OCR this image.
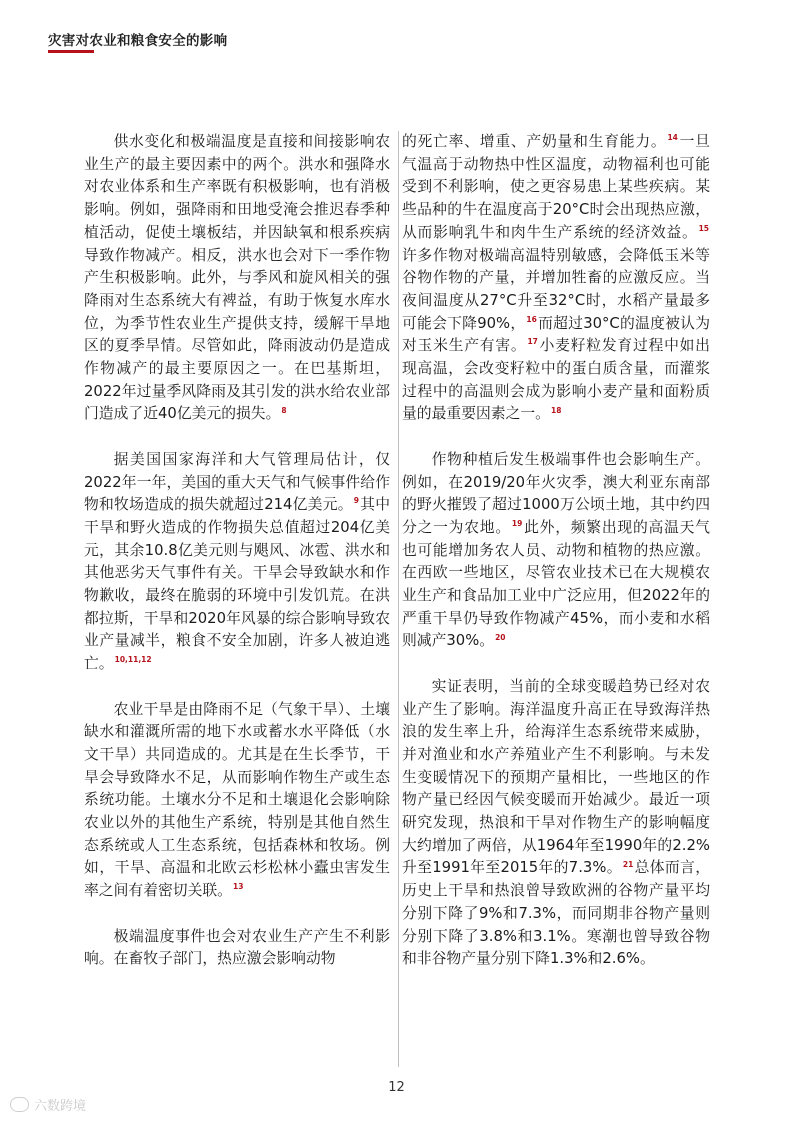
灾害对农业和粮食安全的影响

供水变化和极端温度是直接和间接影响农业生产的最主要因素中的两个。洪水和强降水对农业体系和生产率既有积极影响，也有消极影响。例如，强降雨和田地受淹会推迟春季种植活动，促使土壤板结，并因缺氧和根系疾病导致作物减产。相反，洪水也会对下一季作物产生积极影响。此外，与季风和旋风相关的强降雨对生态系统大有裨益，有助于恢复水库水位，为季节性农业生产提供支持，缓解干旱地区的夏季旱情。尽管如此，降雨波动仍是造成作物减产的最主要原因之一。在巴基斯坦，2022年过量季风降雨及其引发的洪水给农业部门造成了近40亿美元的损失。$^8$

据美国国家海洋和大气管理局估计，仅2022年一年，美国的重大天气和气候事件给作物和牧场造成的损失就超过214亿美元。$^9$其中干旱和野火造成的作物损失总值超过204亿美元，其余10.8亿美元则与飓风、冰雹、洪水和其他恶劣天气事件有关。干旱会导致缺水和作物歉收，最终在脆弱的环境中引发饥荒。在洪都拉斯，干旱和2020年风暴的综合影响导致农业产量减半，粮食不安全加剧，许多人被迫逃亡。$^{10,11,12}$

农业干旱是由降雨不足（气象干旱）、土壤缺水和灌溉所需的地下水或蓄水水平降低（水文干旱）共同造成的。尤其是在生长季节，干旱会导致降水不足，从而影响作物生产或生态系统功能。土壤水分不足和土壤退化会影响除农业以外的其他生产系统，特别是其他自然生态系统或人工生态系统，包括森林和牧场。例如，干旱、高温和北欧云杉松林小蠹虫害发生率之间有着密切关联。$^{13}$

极端温度事件也会对农业生产产生不利影响。在畜牧子部门，热应激会影响动物

的死亡率、增重、产奶量和生育能力。$^{14}$一旦气温高于动物热中性区温度，动物福利也可能受到不利影响，使之更容易患上某些疾病。某些品种的牛在温度高于20°C时会出现热应激，从而影响乳牛和肉牛生产系统的经济效益。$^{15}$许多作物对极端高温特别敏感，会降低玉米等谷物作物的产量，并增加牲畜的应激反应。当夜间温度从27°C升至32°C时，水稻产量最多可能会下降90%，$^{16}$而超过30°C的温度被认为对玉米生产有害。$^{17}$小麦籽粒发育过程中如出现高温，会改变籽粒中的蛋白质含量，而灌浆过程中的高温则会成为影响小麦产量和面粉质量的最重要因素之一。$^{18}$

作物种植后发生极端事件也会影响生产。例如，在2019/20年火灾季，澳大利亚东南部的野火摧毁了超过1000万公顷土地，其中约四分之一为农地。$^{19}$此外，频繁出现的高温天气也可能增加务农人员、动物和植物的热应激。在西欧一些地区，尽管农业技术已在大规模农业生产和食品加工业中广泛应用，但2022年的严重干旱仍导致作物减产45%，而小麦和水稻则减产30%。$^{20}$

实证表明，当前的全球变暖趋势已经对农业产生了影响。海洋温度升高正在导致海洋热浪的发生率上升，给海洋生态系统带来威胁，并对渔业和水产养殖业产生不利影响。与未发生变暖情况下的预期产量相比，一些地区的作物产量已经因气候变暖而开始减少。最近一项研究发现，热浪和干旱对作物生产的影响幅度大约增加了两倍，从1964年至1990年的2.2%升至1991年至2015年的7.3%。$^{21}$总体而言，历史上干旱和热浪曾导致欧洲的谷物产量平均分别下降了9%和7.3%，而同期非谷物产量则分别下降了3.8%和3.1%。寒潮也曾导致谷物和非谷物产量分别下降1.3%和2.6%。

12
六数跨境
